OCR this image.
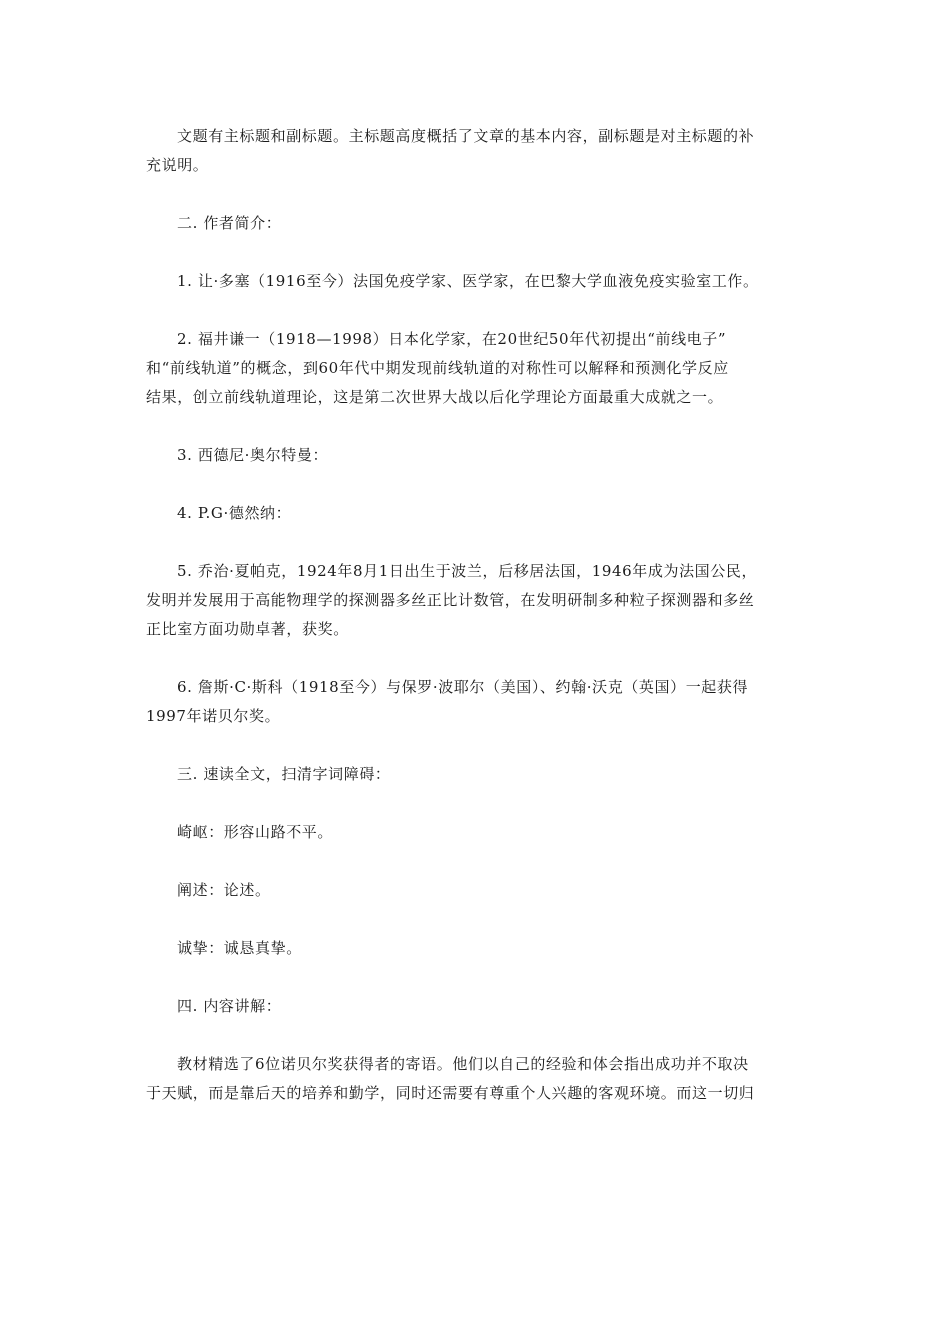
文题有主标题和副标题。主标题高度概括了文章的基本内容，副标题是对主标题的补
充说明。

二. 作者简介：

1. 让·多塞（1916至今）法国免疫学家、医学家，在巴黎大学血液免疫实验室工作。

2. 福井谦一（1918—1998）日本化学家，在20世纪50年代初提出“前线电子”
和“前线轨道”的概念，到60年代中期发现前线轨道的对称性可以解释和预测化学反应
结果，创立前线轨道理论，这是第二次世界大战以后化学理论方面最重大成就之一。

3. 西德尼·奥尔特曼：

4. P.G·德然纳：

5. 乔治·夏帕克，1924年8月1日出生于波兰，后移居法国，1946年成为法国公民，
发明并发展用于高能物理学的探测器多丝正比计数管，在发明研制多种粒子探测器和多丝
正比室方面功勋卓著，获奖。

6. 詹斯·C·斯科（1918至今）与保罗·波耶尔（美国）、约翰·沃克（英国）一起获得
1997年诺贝尔奖。

三. 速读全文，扫清字词障碍：

崎岖：形容山路不平。

阐述：论述。

诚挚：诚恳真挚。

四. 内容讲解：

教材精选了6位诺贝尔奖获得者的寄语。他们以自己的经验和体会指出成功并不取决
于天赋，而是靠后天的培养和勤学，同时还需要有尊重个人兴趣的客观环境。而这一切归
